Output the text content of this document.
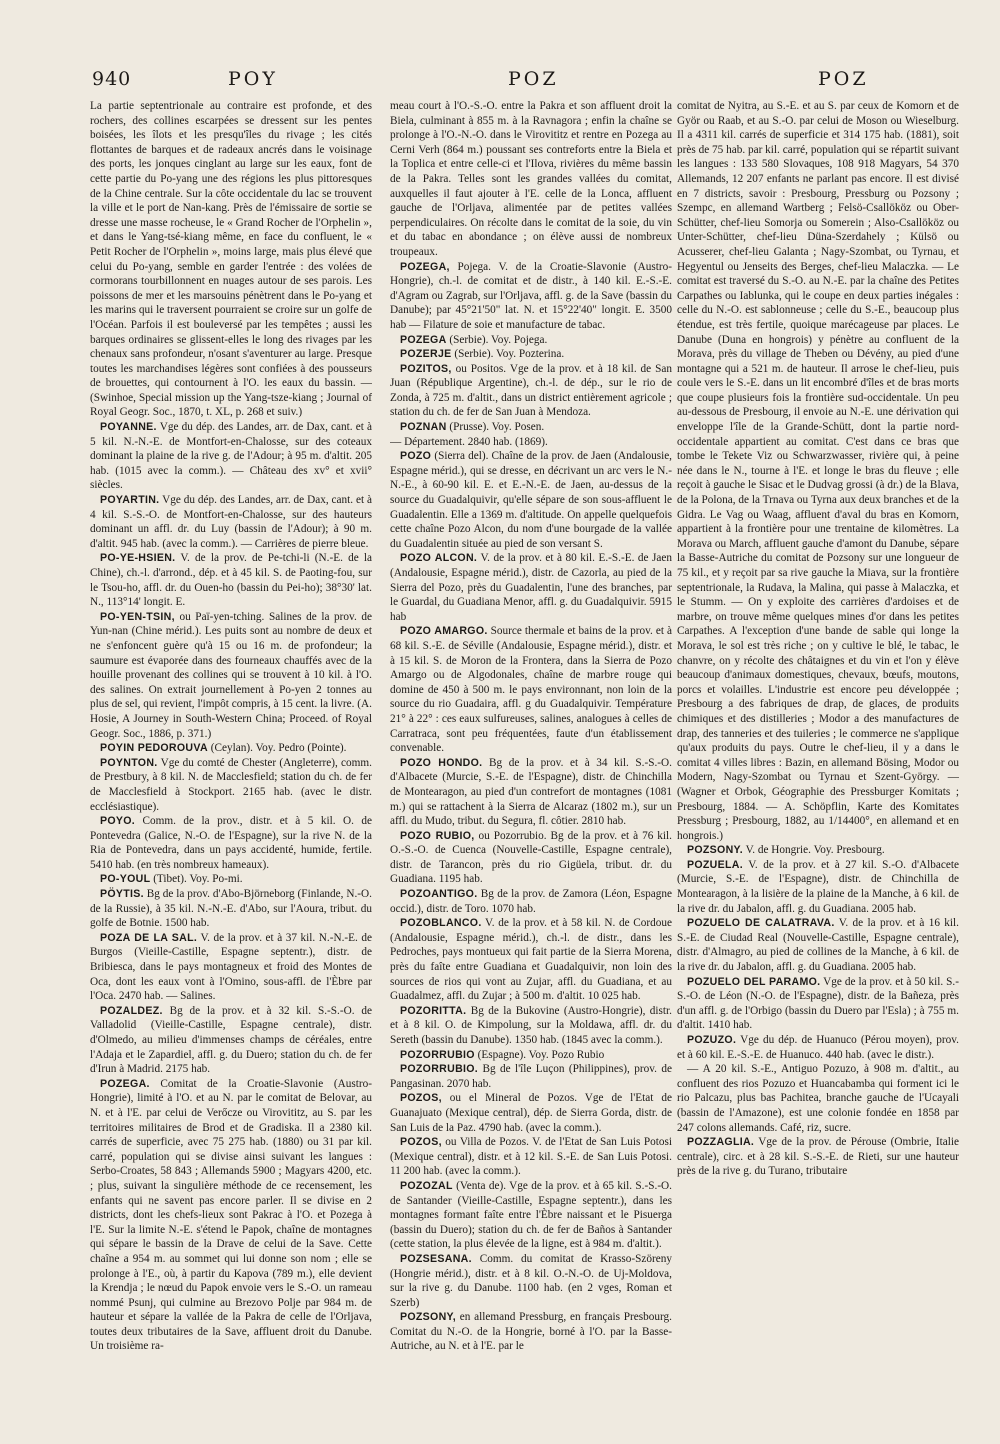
940	POY	POZ	POZ

La partie septentrionale au contraire est profonde, et des rochers, des collines escarpées se dressent sur les pentes boisées, les îlots et les presqu'îles du rivage ; les cités flottantes de barques et de radeaux ancrés dans le voisinage des ports, les jonques cinglant au large sur les eaux, font de cette partie du Po-yang une des régions les plus pittoresques de la Chine centrale. Sur la côte occidentale du lac se trouvent la ville et le port de Nan-kang. Près de l'émissaire de sortie se dresse une masse rocheuse, le « Grand Rocher de l'Orphelin », et dans le Yang-tsé-kiang même, en face du confluent, le « Petit Rocher de l'Orphelin », moins large, mais plus élevé que celui du Po-yang, semble en garder l'entrée : des volées de cormorans tourbillonnent en nuages autour de ses parois. Les poissons de mer et les marsouins pénètrent dans le Po-yang et les marins qui le traversent pourraient se croire sur un golfe de l'Océan. Parfois il est bouleversé par les tempêtes ; aussi les barques ordinaires se glissent-elles le long des rivages par les chenaux sans profondeur, n'osant s'aventurer au large. Presque toutes les marchandises légères sont confiées à des pousseurs de brouettes, qui contournent à l'O. les eaux du bassin. — (Swinhoe, Special mission up the Yang-tsze-kiang ; Journal of Royal Geogr. Soc., 1870, t. XL, p. 268 et suiv.)

POYANNE. Vge du dép. des Landes, arr. de Dax, cant. et à 5 kil. N.-N.-E. de Montfort-en-Chalosse, sur des coteaux dominant la plaine de la rive g. de l'Adour; à 95 m. d'altit. 205 hab. (1015 avec la comm.). — Château des xv° et xvii° siècles.

POYARTIN. Vge du dép. des Landes, arr. de Dax, cant. et à 4 kil. S.-S.-O. de Montfort-en-Chalosse, sur des hauteurs dominant un affl. dr. du Luy (bassin de l'Adour); à 90 m. d'altit. 945 hab. (avec la comm.). — Carrières de pierre bleue.

PO-YE-HSIEN. V. de la prov. de Pe-tchi-li (N.-E. de la Chine), ch.-l. d'arrond., dép. et à 45 kil. S. de Paoting-fou, sur le Tsou-ho, affl. dr. du Ouen-ho (bassin du Pei-ho); 38°30' lat. N., 113°14' longit. E.

PO-YEN-TSIN, ou Paï-yen-tching. Salines de la prov. de Yun-nan (Chine mérid.). Les puits sont au nombre de deux et ne s'enfoncent guère qu'à 15 ou 16 m. de profondeur; la saumure est évaporée dans des fourneaux chauffés avec de la houille provenant des collines qui se trouvent à 10 kil. à l'O. des salines. On extrait journellement à Po-yen 2 tonnes au plus de sel, qui revient, l'impôt compris, à 15 cent. la livre. (A. Hosie, A Journey in South-Western China; Proceed. of Royal Geogr. Soc., 1886, p. 371.)

POYIN PEDOROUVA (Ceylan). Voy. Pedro (Pointe).

POYNTON. Vge du comté de Chester (Angleterre), comm. de Prestbury, à 8 kil. N. de Macclesfield; station du ch. de fer de Macclesfield à Stockport. 2165 hab. (avec le distr. ecclésiastique).

POYO. Comm. de la prov., distr. et à 5 kil. O. de Pontevedra (Galice, N.-O. de l'Espagne), sur la rive N. de la Ria de Pontevedra, dans un pays accidenté, humide, fertile. 5410 hab. (en très nombreux hameaux).

PO-YOUL (Tibet). Voy. Po-mi.

PÖYTIS. Bg de la prov. d'Abo-Björneborg (Finlande, N.-O. de la Russie), à 35 kil. N.-N.-E. d'Abo, sur l'Aoura, tribut. du golfe de Botnie. 1500 hab.

POZA DE LA SAL. V. de la prov. et à 37 kil. N.-N.-E. de Burgos (Vieille-Castille, Espagne septentr.), distr. de Bribiesca, dans le pays montagneux et froid des Montes de Oca, dont les eaux vont à l'Omino, sous-affl. de l'Èbre par l'Oca. 2470 hab. — Salines.

POZALDEZ. Bg de la prov. et à 32 kil. S.-S.-O. de Valladolid (Vieille-Castille, Espagne centrale), distr. d'Olmedo, au milieu d'immenses champs de céréales, entre l'Adaja et le Zapardiel, affl. g. du Duero; station du ch. de fer d'Irun à Madrid. 2175 hab.

POZEGA. Comitat de la Croatie-Slavonie (Austro-Hongrie), limité à l'O. et au N. par le comitat de Belovar, au N. et à l'E. par celui de Verőcze ou Virovititz, au S. par les territoires militaires de Brod et de Gradiska. Il a 2380 kil. carrés de superficie, avec 75 275 hab. (1880) ou 31 par kil. carré, population qui se divise ainsi suivant les langues : Serbo-Croates, 58 843 ; Allemands 5900 ; Magyars 4200, etc. ; plus, suivant la singulière méthode de ce recensement, les enfants qui ne savent pas encore parler. Il se divise en 2 districts, dont les chefs-lieux sont Pakrac à l'O. et Pozega à l'E. Sur la limite N.-E. s'étend le Papok, chaîne de montagnes qui sépare le bassin de la Drave de celui de la Save. Cette chaîne a 954 m. au sommet qui lui donne son nom ; elle se prolonge à l'E., où, à partir du Kapova (789 m.), elle devient la Krendja ; le nœud du Papok envoie vers le S.-O. un rameau nommé Psunj, qui culmine au Brezovo Polje par 984 m. de hauteur et sépare la vallée de la Pakra de celle de l'Orljava, toutes deux tributaires de la Save, affluent droit du Danube. Un troisième ra-

meau court à l'O.-S.-O. entre la Pakra et son affluent droit la Biela, culminant à 855 m. à la Ravnagora ; enfin la chaîne se prolonge à l'O.-N.-O. dans le Virovititz et rentre en Pozega au Cerni Verh (864 m.) poussant ses contreforts entre la Biela et la Toplica et entre celle-ci et l'Ilova, rivières du même bassin de la Pakra. Telles sont les grandes vallées du comitat, auxquelles il faut ajouter à l'E. celle de la Lonca, affluent gauche de l'Orljava, alimentée par de petites vallées perpendiculaires. On récolte dans le comitat de la soie, du vin et du tabac en abondance ; on élève aussi de nombreux troupeaux.

POZEGA, Pojega. V. de la Croatie-Slavonie (Austro-Hongrie), ch.-l. de comitat et de distr., à 140 kil. E.-S.-E. d'Agram ou Zagrab, sur l'Orljava, affl. g. de la Save (bassin du Danube); par 45°21'50" lat. N. et 15°22'40" longit. E. 3500 hab — Filature de soie et manufacture de tabac.

POZEGA (Serbie). Voy. Pojega.

POZERJE (Serbie). Voy. Pozterina.

POZITOS, ou Positos. Vge de la prov. et à 18 kil. de San Juan (République Argentine), ch.-l. de dép., sur le rio de Zonda, à 725 m. d'altit., dans un district entièrement agricole ; station du ch. de fer de San Juan à Mendoza.

POZNAN (Prusse). Voy. Posen.

— Département. 2840 hab. (1869).

POZO (Sierra del). Chaîne de la prov. de Jaen (Andalousie, Espagne mérid.), qui se dresse, en décrivant un arc vers le N.-N.-E., à 60-90 kil. E. et E.-N.-E. de Jaen, au-dessus de la source du Guadalquivir, qu'elle sépare de son sous-affluent le Guadalentin. Elle a 1369 m. d'altitude. On appelle quelquefois cette chaîne Pozo Alcon, du nom d'une bourgade de la vallée du Guadalentin située au pied de son versant S.

POZO ALCON. V. de la prov. et à 80 kil. E.-S.-E. de Jaen (Andalousie, Espagne mérid.), distr. de Cazorla, au pied de la Sierra del Pozo, près du Guadalentin, l'une des branches, par le Guardal, du Guadiana Menor, affl. g. du Guadalquivir. 5915 hab

POZO AMARGO. Source thermale et bains de la prov. et à 68 kil. S.-E. de Séville (Andalousie, Espagne mérid.), distr. et à 15 kil. S. de Moron de la Frontera, dans la Sierra de Pozo Amargo ou de Algodonales, chaîne de marbre rouge qui domine de 450 à 500 m. le pays environnant, non loin de la source du rio Guadaira, affl. g du Guadalquivir. Température 21° à 22° : ces eaux sulfureuses, salines, analogues à celles de Carratraca, sont peu fréquentées, faute d'un établissement convenable.

POZO HONDO. Bg de la prov. et à 34 kil. S.-S.-O. d'Albacete (Murcie, S.-E. de l'Espagne), distr. de Chinchilla de Montearagon, au pied d'un contrefort de montagnes (1081 m.) qui se rattachent à la Sierra de Alcaraz (1802 m.), sur un affl. du Mudo, tribut. du Segura, fl. côtier. 2810 hab.

POZO RUBIO, ou Pozorrubio. Bg de la prov. et à 76 kil. O.-S.-O. de Cuenca (Nouvelle-Castille, Espagne centrale), distr. de Tarancon, près du rio Gigüela, tribut. dr. du Guadiana. 1195 hab.

POZOANTIGO. Bg de la prov. de Zamora (Léon, Espagne occid.), distr. de Toro. 1070 hab.

POZOBLANCO. V. de la prov. et à 58 kil. N. de Cordoue (Andalousie, Espagne mérid.), ch.-l. de distr., dans les Pedroches, pays montueux qui fait partie de la Sierra Morena, près du faîte entre Guadiana et Guadalquivir, non loin des sources de rios qui vont au Zujar, affl. du Guadiana, et au Guadalmez, affl. du Zujar ; à 500 m. d'altit. 10 025 hab.

POZORITTA. Bg de la Bukovine (Austro-Hongrie), distr. et à 8 kil. O. de Kimpolung, sur la Moldawa, affl. dr. du Sereth (bassin du Danube). 1350 hab. (1845 avec la comm.).

POZORRUBIO (Espagne). Voy. Pozo Rubio

POZORRUBIO. Bg de l'île Luçon (Philippines), prov. de Pangasinan. 2070 hab.

POZOS, ou el Mineral de Pozos. Vge de l'Etat de Guanajuato (Mexique central), dép. de Sierra Gorda, distr. de San Luis de la Paz. 4790 hab. (avec la comm.).

POZOS, ou Villa de Pozos. V. de l'Etat de San Luis Potosi (Mexique central), distr. et à 12 kil. S.-E. de San Luis Potosi. 11 200 hab. (avec la comm.).

POZOZAL (Venta de). Vge de la prov. et à 65 kil. S.-S.-O. de Santander (Vieille-Castille, Espagne septentr.), dans les montagnes formant faîte entre l'Èbre naissant et le Pisuerga (bassin du Duero); station du ch. de fer de Baños à Santander (cette station, la plus élevée de la ligne, est à 984 m. d'altit.).

POZSESANA. Comm. du comitat de Krasso-Szöreny (Hongrie mérid.), distr. et à 8 kil. O.-N.-O. de Uj-Moldova, sur la rive g. du Danube. 1100 hab. (en 2 vges, Roman et Szerb)

POZSONY, en allemand Pressburg, en français Presbourg. Comitat du N.-O. de la Hongrie, borné à l'O. par la Basse-Autriche, au N. et à l'E. par le

comitat de Nyitra, au S.-E. et au S. par ceux de Komorn et de Györ ou Raab, et au S.-O. par celui de Moson ou Wieselburg. Il a 4311 kil. carrés de superficie et 314 175 hab. (1881), soit près de 75 hab. par kil. carré, population qui se répartit suivant les langues : 133 580 Slovaques, 108 918 Magyars, 54 370 Allemands, 12 207 enfants ne parlant pas encore. Il est divisé en 7 districts, savoir : Presbourg, Pressburg ou Pozsony ; Szempc, en allemand Wartberg ; Felsö-Csallököz ou Ober-Schütter, chef-lieu Somorja ou Somerein ; Also-Csallököz ou Unter-Schütter, chef-lieu Düna-Szerdahely ; Külsö ou Acusserer, chef-lieu Galanta ; Nagy-Szombat, ou Tyrnau, et Hegyentul ou Jenseits des Berges, chef-lieu Malaczka. — Le comitat est traversé du S.-O. au N.-E. par la chaîne des Petites Carpathes ou Iablunka, qui le coupe en deux parties inégales : celle du N.-O. est sablonneuse ; celle du S.-E., beaucoup plus étendue, est très fertile, quoique marécageuse par places. Le Danube (Duna en hongrois) y pénètre au confluent de la Morava, près du village de Theben ou Dévény, au pied d'une montagne qui a 521 m. de hauteur. Il arrose le chef-lieu, puis coule vers le S.-E. dans un lit encombré d'îles et de bras morts que coupe plusieurs fois la frontière sud-occidentale. Un peu au-dessous de Presbourg, il envoie au N.-E. une dérivation qui enveloppe l'île de la Grande-Schütt, dont la partie nord-occidentale appartient au comitat. C'est dans ce bras que tombe le Tekete Viz ou Schwarzwasser, rivière qui, à peine née dans le N., tourne à l'E. et longe le bras du fleuve ; elle reçoit à gauche le Sisac et le Dudvag grossi (à dr.) de la Blava, de la Polona, de la Trnava ou Tyrna aux deux branches et de la Gidra. Le Vag ou Waag, affluent d'aval du bras en Komorn, appartient à la frontière pour une trentaine de kilomètres. La Morava ou March, affluent gauche d'amont du Danube, sépare la Basse-Autriche du comitat de Pozsony sur une longueur de 75 kil., et y reçoit par sa rive gauche la Miava, sur la frontière septentrionale, la Rudava, la Malina, qui passe à Malaczka, et le Stumm. — On y exploite des carrières d'ardoises et de marbre, on trouve même quelques mines d'or dans les petites Carpathes. A l'exception d'une bande de sable qui longe la Morava, le sol est très riche ; on y cultive le blé, le tabac, le chanvre, on y récolte des châtaignes et du vin et l'on y élève beaucoup d'animaux domestiques, chevaux, bœufs, moutons, porcs et volailles. L'industrie est encore peu développée ; Presbourg a des fabriques de drap, de glaces, de produits chimiques et des distilleries ; Modor a des manufactures de drap, des tanneries et des tuileries ; le commerce ne s'applique qu'aux produits du pays. Outre le chef-lieu, il y a dans le comitat 4 villes libres : Bazin, en allemand Bösing, Modor ou Modern, Nagy-Szombat ou Tyrnau et Szent-György. — (Wagner et Orbok, Géographie des Pressburger Komitats ; Presbourg, 1884. — A. Schöpflin, Karte des Komitates Pressburg ; Presbourg, 1882, au 1/14400°, en allemand et en hongrois.)

POZSONY. V. de Hongrie. Voy. Presbourg.

POZUELA. V. de la prov. et à 27 kil. S.-O. d'Albacete (Murcie, S.-E. de l'Espagne), distr. de Chinchilla de Montearagon, à la lisière de la plaine de la Manche, à 6 kil. de la rive dr. du Jabalon, affl. g. du Guadiana. 2005 hab.

POZUELO DE CALATRAVA. V. de la prov. et à 16 kil. S.-E. de Ciudad Real (Nouvelle-Castille, Espagne centrale), distr. d'Almagro, au pied de collines de la Manche, à 6 kil. de la rive dr. du Jabalon, affl. g. du Guadiana. 2005 hab.

POZUELO DEL PARAMO. Vge de la prov. et à 50 kil. S.-S.-O. de Léon (N.-O. de l'Espagne), distr. de la Bañeza, près d'un affl. g. de l'Orbigo (bassin du Duero par l'Esla) ; à 755 m. d'altit. 1410 hab.

POZUZO. Vge du dép. de Huanuco (Pérou moyen), prov. et à 60 kil. E.-S.-E. de Huanuco. 440 hab. (avec le distr.).

— A 20 kil. S.-E., Antiguo Pozuzo, à 908 m. d'altit., au confluent des rios Pozuzo et Huancabamba qui forment ici le rio Palcazu, plus bas Pachitea, branche gauche de l'Ucayali (bassin de l'Amazone), est une colonie fondée en 1858 par 247 colons allemands. Café, riz, sucre.

POZZAGLIA. Vge de la prov. de Pérouse (Ombrie, Italie centrale), circ. et à 28 kil. S.-S.-E. de Rieti, sur une hauteur près de la rive g. du Turano, tributaire
